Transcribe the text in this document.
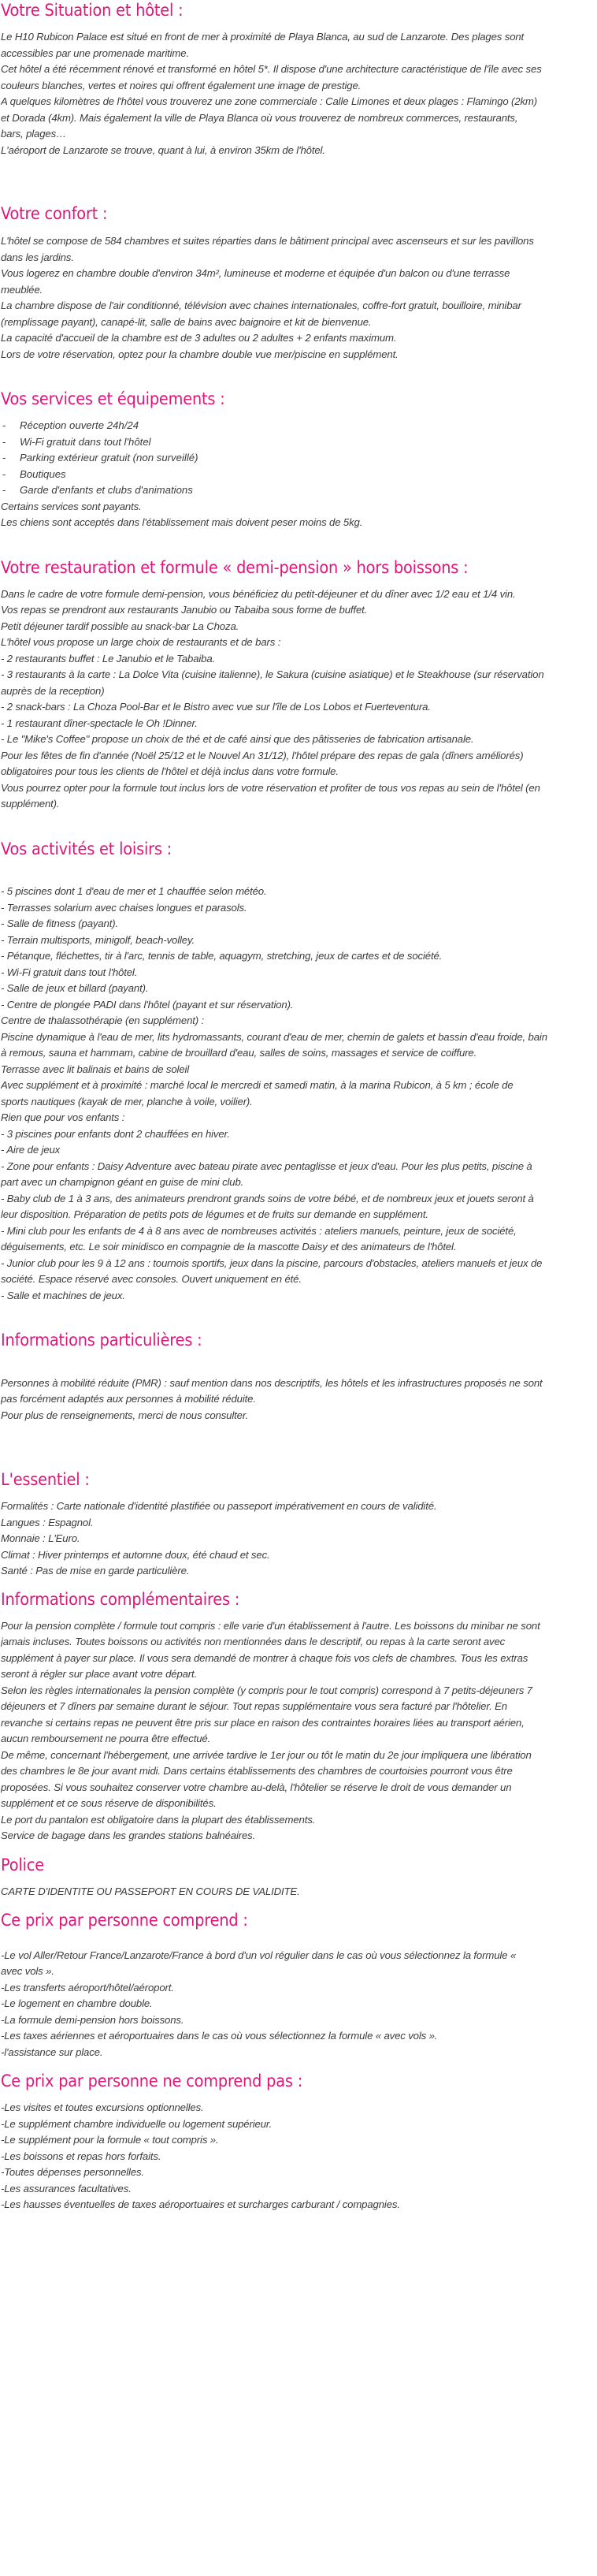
Votre Situation et hôtel :
Le H10 Rubicon Palace est situé en front de mer à proximité de Playa Blanca, au sud de Lanzarote. Des plages sont
accessibles par une promenade maritime.
Cet hôtel a été récemment rénové et transformé en hôtel 5*. Il dispose d'une architecture caractéristique de l'île avec ses
couleurs blanches, vertes et noires qui offrent également une image de prestige.
A quelques kilomètres de l'hôtel vous trouverez une zone commerciale : Calle Limones et deux plages : Flamingo (2km)
et Dorada (4km). Mais également la ville de Playa Blanca où vous trouverez de nombreux commerces, restaurants,
bars, plages…
L'aéroport de Lanzarote se trouve, quant à lui, à environ 35km de l'hôtel.
Votre confort :
L'hôtel se compose de 584 chambres et suites réparties dans le bâtiment principal avec ascenseurs et sur les pavillons
dans les jardins.
Vous logerez en chambre double d'environ 34m², lumineuse et moderne et équipée d'un balcon ou d'une terrasse
meublée.
La chambre dispose de l'air conditionné, télévision avec chaines internationales, coffre-fort gratuit, bouilloire, minibar
(remplissage payant), canapé-lit, salle de bains avec baignoire et kit de bienvenue.
La capacité d'accueil de la chambre est de 3 adultes ou 2 adultes + 2 enfants maximum.
Lors de votre réservation, optez pour la chambre double vue mer/piscine en supplément.
Vos services et équipements :
- Réception ouverte 24h/24
- Wi-Fi gratuit dans tout l'hôtel
- Parking extérieur gratuit (non surveillé)
- Boutiques
- Garde d'enfants et clubs d'animations
Certains services sont payants.
Les chiens sont acceptés dans l'établissement mais doivent peser moins de 5kg.
Votre restauration et formule « demi-pension » hors boissons :
Dans le cadre de votre formule demi-pension, vous bénéficiez du petit-déjeuner et du dîner avec 1/2 eau et 1/4 vin.
Vos repas se prendront aux restaurants Janubio ou Tabaiba sous forme de buffet.
Petit déjeuner tardif possible au snack-bar La Choza.
L'hôtel vous propose un large choix de restaurants et de bars :
- 2 restaurants buffet : Le Janubio et le Tabaiba.
- 3 restaurants à la carte : La Dolce Vita (cuisine italienne), le Sakura (cuisine asiatique) et le Steakhouse (sur réservation
auprès de la reception)
- 2 snack-bars : La Choza Pool-Bar et le Bistro avec vue sur l'île de Los Lobos et Fuerteventura.
- 1 restaurant dîner-spectacle le Oh !Dinner.
- Le "Mike's Coffee" propose un choix de thé et de café ainsi que des pâtisseries de fabrication artisanale.
Pour les fêtes de fin d'année (Noël 25/12 et le Nouvel An 31/12), l'hôtel prépare des repas de gala (dîners améliorés)
obligatoires pour tous les clients de l'hôtel et déjà inclus dans votre formule.
Vous pourrez opter pour la formule tout inclus lors de votre réservation et profiter de tous vos repas au sein de l'hôtel (en
supplément).
Vos activités et loisirs :

- 5 piscines dont 1 d'eau de mer et 1 chauffée selon météo.
- Terrasses solarium avec chaises longues et parasols.
- Salle de fitness (payant).
- Terrain multisports, minigolf, beach-volley.
- Pétanque, fléchettes, tir à l'arc, tennis de table, aquagym, stretching, jeux de cartes et de société.
- Wi-Fi gratuit dans tout l'hôtel.
- Salle de jeux et billard (payant).
- Centre de plongée PADI dans l'hôtel (payant et sur réservation).
Centre de thalassothérapie (en supplément) :
Piscine dynamique à l'eau de mer, lits hydromassants, courant d'eau de mer, chemin de galets et bassin d'eau froide, bain
à remous, sauna et hammam, cabine de brouillard d'eau, salles de soins, massages et service de coiffure.
Terrasse avec lit balinais et bains de soleil
Avec supplément et à proximité : marché local le mercredi et samedi matin, à la marina Rubicon, à 5 km ; école de
sports nautiques (kayak de mer, planche à voile, voilier).
Rien que pour vos enfants :
- 3 piscines pour enfants dont 2 chauffées en hiver.
- Aire de jeux
- Zone pour enfants : Daisy Adventure avec bateau pirate avec pentaglisse et jeux d'eau. Pour les plus petits, piscine à
part avec un champignon géant en guise de mini club.
- Baby club de 1 à 3 ans, des animateurs prendront grands soins de votre bébé, et de nombreux jeux et jouets seront à
leur disposition. Préparation de petits pots de légumes et de fruits sur demande en supplément.
- Mini club pour les enfants de 4 à 8 ans avec de nombreuses activités : ateliers manuels, peinture, jeux de société,
déguisements, etc. Le soir minidisco en compagnie de la mascotte Daisy et des animateurs de l'hôtel.
- Junior club pour les 9 à 12 ans : tournois sportifs, jeux dans la piscine, parcours d'obstacles, ateliers manuels et jeux de
société. Espace réservé avec consoles. Ouvert uniquement en été.
- Salle et machines de jeux.
Informations particulières :

Personnes à mobilité réduite (PMR) : sauf mention dans nos descriptifs, les hôtels et les infrastructures proposés ne sont
pas forcément adaptés aux personnes à mobilité réduite.
Pour plus de renseignements, merci de nous consulter.
L'essentiel :
Formalités : Carte nationale d'identité plastifiée ou passeport impérativement en cours de validité.
Langues : Espagnol.
Monnaie : L'Euro.
Climat : Hiver printemps et automne doux, été chaud et sec.
Santé : Pas de mise en garde particulière.
Informations complémentaires :
Pour la pension complète / formule tout compris : elle varie d'un établissement à l'autre. Les boissons du minibar ne sont
jamais incluses. Toutes boissons ou activités non mentionnées dans le descriptif, ou repas à la carte seront avec
supplément à payer sur place. Il vous sera demandé de montrer à chaque fois vos clefs de chambres. Tous les extras
seront à régler sur place avant votre départ.
Selon les règles internationales la pension complète (y compris pour le tout compris) correspond à 7 petits-déjeuners 7
déjeuners et 7 dîners par semaine durant le séjour. Tout repas supplémentaire vous sera facturé par l'hôtelier. En
revanche si certains repas ne peuvent être pris sur place en raison des contraintes horaires liées au transport aérien,
aucun remboursement ne pourra être effectué.
De même, concernant l'hébergement, une arrivée tardive le 1er jour ou tôt le matin du 2e jour impliquera une libération
des chambres le 8e jour avant midi. Dans certains établissements des chambres de courtoisies pourront vous être
proposées. Si vous souhaitez conserver votre chambre au-delà, l'hôtelier se réserve le droit de vous demander un
supplément et ce sous réserve de disponibilités.
Le port du pantalon est obligatoire dans la plupart des établissements.
Service de bagage dans les grandes stations balnéaires.
Police
CARTE D'IDENTITE OU PASSEPORT EN COURS DE VALIDITE.
Ce prix par personne comprend :

-Le vol Aller/Retour France/Lanzarote/France à bord d'un vol régulier dans le cas où vous sélectionnez la formule «
avec vols ».
-Les transferts aéroport/hôtel/aéroport.
-Le logement en chambre double.
-La formule demi-pension hors boissons.
-Les taxes aériennes et aéroportuaires dans le cas où vous sélectionnez la formule « avec vols ».
-l'assistance sur place.
Ce prix par personne ne comprend pas :
-Les visites et toutes excursions optionnelles.
-Le supplément chambre individuelle ou logement supérieur.
-Le supplément pour la formule « tout compris ».
-Les boissons et repas hors forfaits.
-Toutes dépenses personnelles.
-Les assurances facultatives.
-Les hausses éventuelles de taxes aéroportuaires et surcharges carburant / compagnies.
